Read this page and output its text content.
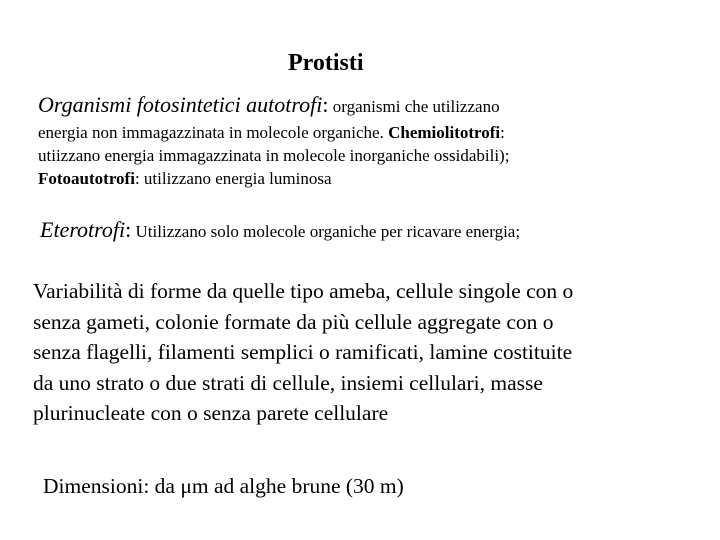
Protisti
Organismi fotosintetici autotrofi: organismi che utilizzano
energia non immagazzinata in molecole organiche. Chemiolitotrofi:
utiizzano energia immagazzinata in molecole inorganiche ossidabili);
Fotoautotrofi: utilizzano energia luminosa
Eterotrofi: Utilizzano solo molecole organiche per ricavare energia;
Variabilità di forme da quelle tipo ameba, cellule singole con o
senza gameti, colonie formate da più cellule aggregate con o
senza flagelli, filamenti semplici o ramificati, lamine costituite
da uno strato o due strati di cellule, insiemi cellulari, masse
plurinucleate con o senza parete cellulare
Dimensioni: da μm ad alghe brune (30 m)
